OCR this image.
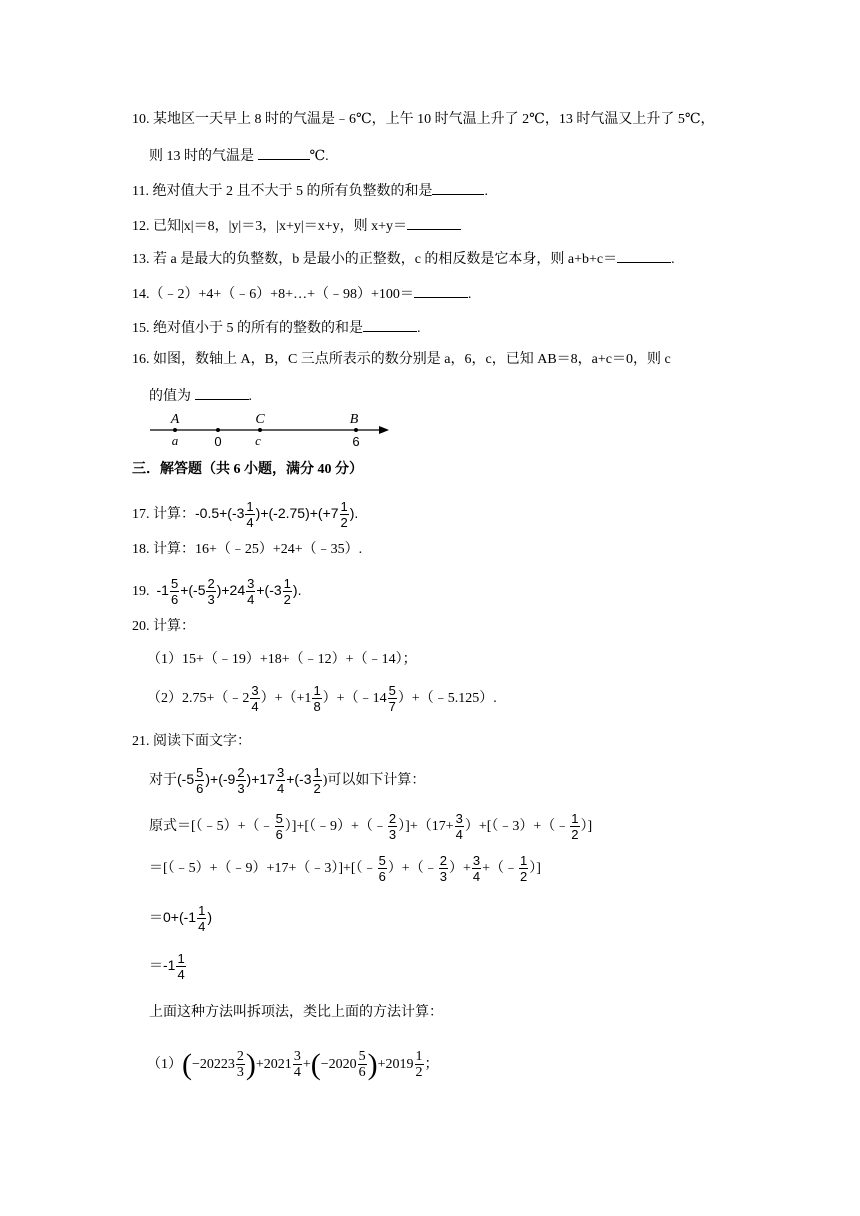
10. 某地区一天早上 8 时的气温是﹣6℃，上午 10 时气温上升了 2℃，13 时气温又上升了 5℃，
则 13 时的气温是	℃.
11. 绝对值大于 2 且不大于 5 的所有负整数的和是	.
12. 已知|x|＝8，|y|＝3，|x+y|＝x+y，则 x+y＝
13. 若 a 是最大的负整数，b 是最小的正整数，c 的相反数是它本身，则 a+b+c＝	.
14.（﹣2）+4+（﹣6）+8+…+（﹣98）+100＝	.
15. 绝对值小于 5 的所有的整数的和是	.
16. 如图，数轴上 A，B，C 三点所表示的数分别是 a，6，c，已知 AB＝8，a+c＝0，则 c
的值为	.
A
a	0
C
c
B
6
三．解答题（共 6 小题，满分 40 分）
17. 计算：$-0.5+(-3 \frac{1}{4} )+(-2.75)+(+7 \frac{1}{2}$ ).
18. 计算：16+（﹣25）+24+（﹣35）.
19. $-1 \frac{5}{6} +(-5 \frac{2}{3} )+24 \frac{3}{4} +(-3 \frac{1}{2}$ ).
20. 计算：
（1）15+（﹣19）+18+（﹣12）+（﹣14）；
（2）2.75+（﹣2 $\frac{3}{4} )+(+1 \frac{1}{8}$ ）+（﹣14 $\frac{5}{7}$ ）+（﹣5.125）.
21. 阅读下面文字：
对于$(-5 \frac{5}{6} )+(-9 \frac{2}{3} )+17 \frac{3}{4} +(-3 \frac{1}{2}$ )可以如下计算：
原式＝[（﹣5）+（﹣ $\frac{5}{6}$ ）]+[（﹣9）+（﹣ $\frac{2}{3} )]+(17+ \frac{3}{4}$ ）+[（﹣3）+（﹣ $\frac{1}{2}$ ）]
＝[（﹣5）+（﹣9）+17+（﹣3）]+[（﹣ $\frac{5}{6}$ ）+（﹣ $\frac{2}{3}$ ）+ $\frac{3}{4}$ +（﹣ $\frac{1}{2}$ ）]
$=0+(-1 \frac{1}{4}$ )
$=-1 \frac{1}{4}$
上面这种方法叫拆项法，类比上面的方法计算：
$(1)(-20223 \frac{2}{3} )+2021 \frac{3}{4} +(-2020 \frac{5}{6} )+2019 \frac{1}{2}$ ；
